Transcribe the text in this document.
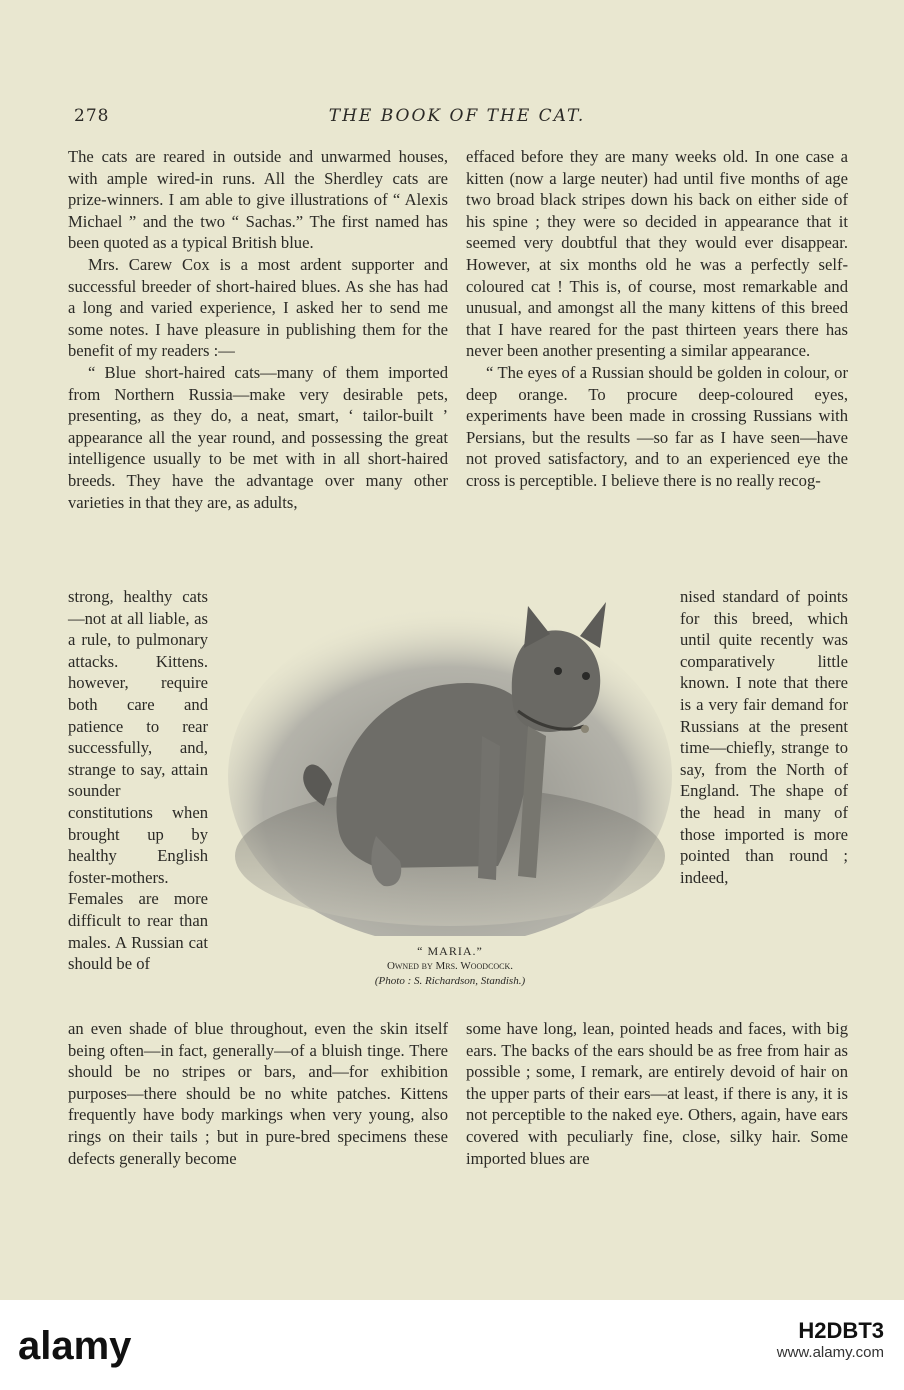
278	THE BOOK OF THE CAT.

The cats are reared in outside and unwarmed houses, with ample wired-in runs. All the Sherdley cats are prize-winners. I am able to give illustrations of “ Alexis Michael ” and the two “ Sachas.” The first named has been quoted as a typical British blue.

Mrs. Carew Cox is a most ardent supporter and successful breeder of short-haired blues. As she has had a long and varied experience, I asked her to send me some notes. I have pleasure in publishing them for the benefit of my readers :—

“ Blue short-haired cats—many of them imported from Northern Russia—make very desirable pets, presenting, as they do, a neat, smart, ‘ tailor-built ’ appearance all the year round, and possessing the great intelligence usually to be met with in all short-haired breeds. They have the advantage over many other varieties in that they are, as adults,

effaced before they are many weeks old. In one case a kitten (now a large neuter) had until five months of age two broad black stripes down his back on either side of his spine ; they were so decided in appearance that it seemed very doubtful that they would ever disappear. However, at six months old he was a perfectly self-coloured cat ! This is, of course, most remarkable and unusual, and amongst all the many kittens of this breed that I have reared for the past thirteen years there has never been another presenting a similar appearance.

“ The eyes of a Russian should be golden in colour, or deep orange. To procure deep-coloured eyes, experiments have been made in crossing Russians with Persians, but the results —so far as I have seen—have not proved satisfactory, and to an experienced eye the cross is perceptible. I believe there is no really recog-

strong, healthy cats—not at all liable, as a rule, to pulmonary attacks. Kittens. however, require both care and patience to rear successfully, and, strange to say, attain sounder constitutions when brought up by healthy English foster-mothers. Females are more difficult to rear than males. A Russian cat should be of
nised standard of points for this breed, which until quite recently was comparatively little known. I note that there is a very fair demand for Russians at the present time—chiefly, strange to say, from the North of England. The shape of the head in many of those imported is more pointed than round ; indeed,
“ MARIA.”
Owned by Mrs. Woodcock.
(Photo : S. Richardson, Standish.)
an even shade of blue throughout, even the skin itself being often—in fact, generally—of a bluish tinge. There should be no stripes or bars, and—for exhibition purposes—there should be no white patches. Kittens frequently have body markings when very young, also rings on their tails ; but in pure-bred specimens these defects generally become
some have long, lean, pointed heads and faces, with big ears. The backs of the ears should be as free from hair as possible ; some, I remark, are entirely devoid of hair on the upper parts of their ears—at least, if there is any, it is not perceptible to the naked eye. Others, again, have ears covered with peculiarly fine, close, silky hair. Some imported blues are
alamy	H2DBT3
www.alamy.com
